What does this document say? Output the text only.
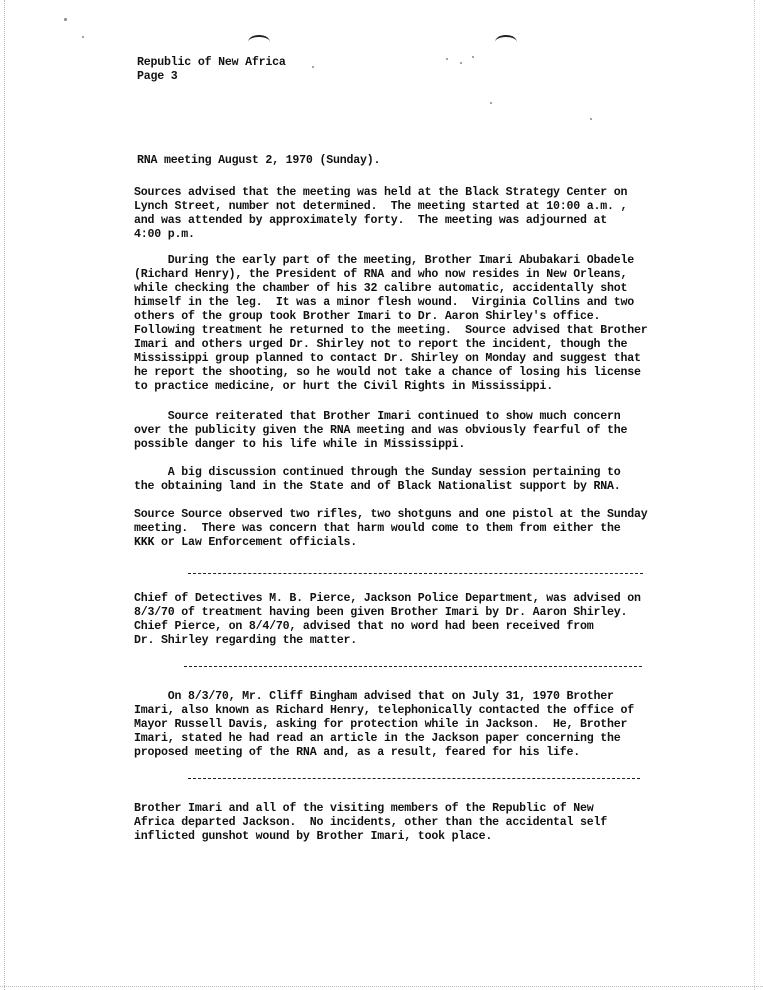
Republic of New Africa
Page 3
RNA meeting August 2, 1970 (Sunday).
Sources advised that the meeting was held at the Black Strategy Center on
Lynch Street, number not determined.  The meeting started at 10:00 a.m. ,
and was attended by approximately forty.  The meeting was adjourned at
4:00 p.m.
During the early part of the meeting, Brother Imari Abubakari Obadele
(Richard Henry), the President of RNA and who now resides in New Orleans,
while checking the chamber of his 32 calibre automatic, accidentally shot
himself in the leg.  It was a minor flesh wound.  Virginia Collins and two
others of the group took Brother Imari to Dr. Aaron Shirley's office.
Following treatment he returned to the meeting.  Source advised that Brother
Imari and others urged Dr. Shirley not to report the incident, though the
Mississippi group planned to contact Dr. Shirley on Monday and suggest that
he report the shooting, so he would not take a chance of losing his license
to practice medicine, or hurt the Civil Rights in Mississippi.
Source reiterated that Brother Imari continued to show much concern
over the publicity given the RNA meeting and was obviously fearful of the
possible danger to his life while in Mississippi.
A big discussion continued through the Sunday session pertaining to
the obtaining land in the State and of Black Nationalist support by RNA.
Source Source observed two rifles, two shotguns and one pistol at the Sunday
meeting.  There was concern that harm would come to them from either the
KKK or Law Enforcement officials.
Chief of Detectives M. B. Pierce, Jackson Police Department, was advised on
8/3/70 of treatment having been given Brother Imari by Dr. Aaron Shirley.
Chief Pierce, on 8/4/70, advised that no word had been received from
Dr. Shirley regarding the matter.
On 8/3/70, Mr. Cliff Bingham advised that on July 31, 1970 Brother
Imari, also known as Richard Henry, telephonically contacted the office of
Mayor Russell Davis, asking for protection while in Jackson.  He, Brother
Imari, stated he had read an article in the Jackson paper concerning the
proposed meeting of the RNA and, as a result, feared for his life.
Brother Imari and all of the visiting members of the Republic of New
Africa departed Jackson.  No incidents, other than the accidental self
inflicted gunshot wound by Brother Imari, took place.
